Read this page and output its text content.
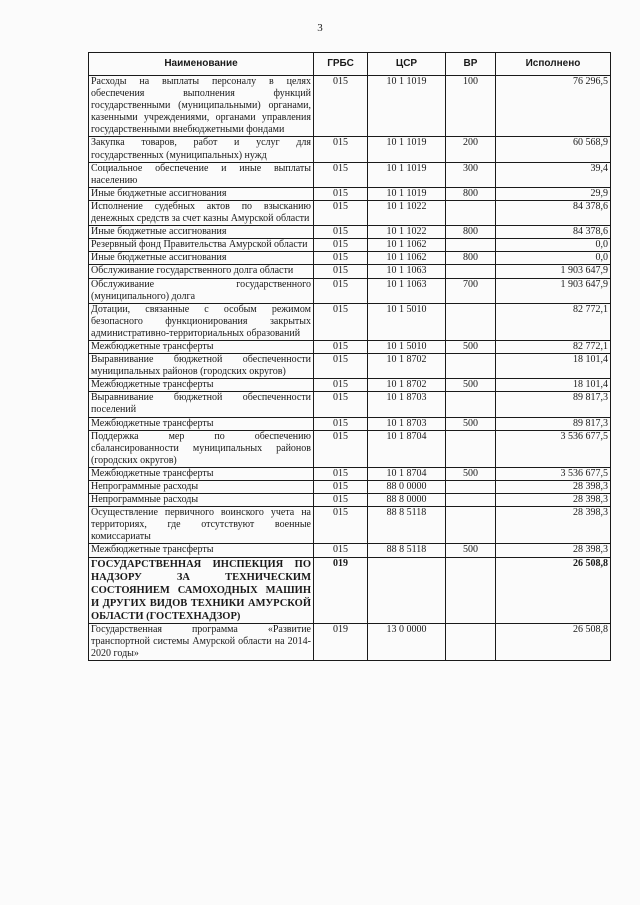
3
Наименование	ГРБС	ЦСР	ВР	Исполнено
Расходы на выплаты персоналу в целях обеспечения выполнения функций государственными (муниципальными) органами, казенными учреждениями, органами управления государственными внебюджетными фондами	015	10 1 1019	100	76 296,5
Закупка товаров, работ и услуг для государственных (муниципальных) нужд	015	10 1 1019	200	60 568,9
Социальное обеспечение и иные выплаты населению	015	10 1 1019	300	39,4
Иные бюджетные ассигнования	015	10 1 1019	800	29,9
Исполнение судебных актов по взысканию денежных средств за счет казны Амурской области	015	10 1 1022		84 378,6
Иные бюджетные ассигнования	015	10 1 1022	800	84 378,6
Резервный фонд Правительства Амурской области	015	10 1 1062		0,0
Иные бюджетные ассигнования	015	10 1 1062	800	0,0
Обслуживание государственного долга области	015	10 1 1063		1 903 647,9
Обслуживание государственного (муниципального) долга	015	10 1 1063	700	1 903 647,9
Дотации, связанные с особым режимом безопасного функционирования закрытых административно-территориальных образований	015	10 1 5010		82 772,1
Межбюджетные трансферты	015	10 1 5010	500	82 772,1
Выравнивание бюджетной обеспеченности муниципальных районов (городских округов)	015	10 1 8702		18 101,4
Межбюджетные трансферты	015	10 1 8702	500	18 101,4
Выравнивание бюджетной обеспеченности поселений	015	10 1 8703		89 817,3
Межбюджетные трансферты	015	10 1 8703	500	89 817,3
Поддержка мер по обеспечению сбалансированности муниципальных районов (городских округов)	015	10 1 8704		3 536 677,5
Межбюджетные трансферты	015	10 1 8704	500	3 536 677,5
Непрограммные расходы	015	88 0 0000		28 398,3
Непрограммные расходы	015	88 8 0000		28 398,3
Осуществление первичного воинского учета на территориях, где отсутствуют военные комиссариаты	015	88 8 5118		28 398,3
Межбюджетные трансферты	015	88 8 5118	500	28 398,3
ГОСУДАРСТВЕННАЯ ИНСПЕКЦИЯ ПО НАДЗОРУ ЗА ТЕХНИЧЕСКИМ СОСТОЯНИЕМ САМОХОДНЫХ МАШИН И ДРУГИХ ВИДОВ ТЕХНИКИ АМУРСКОЙ ОБЛАСТИ (ГОСТЕХНАДЗОР)	019			26 508,8
Государственная программа «Развитие транспортной системы Амурской области на 2014-2020 годы»	019	13 0 0000		26 508,8
